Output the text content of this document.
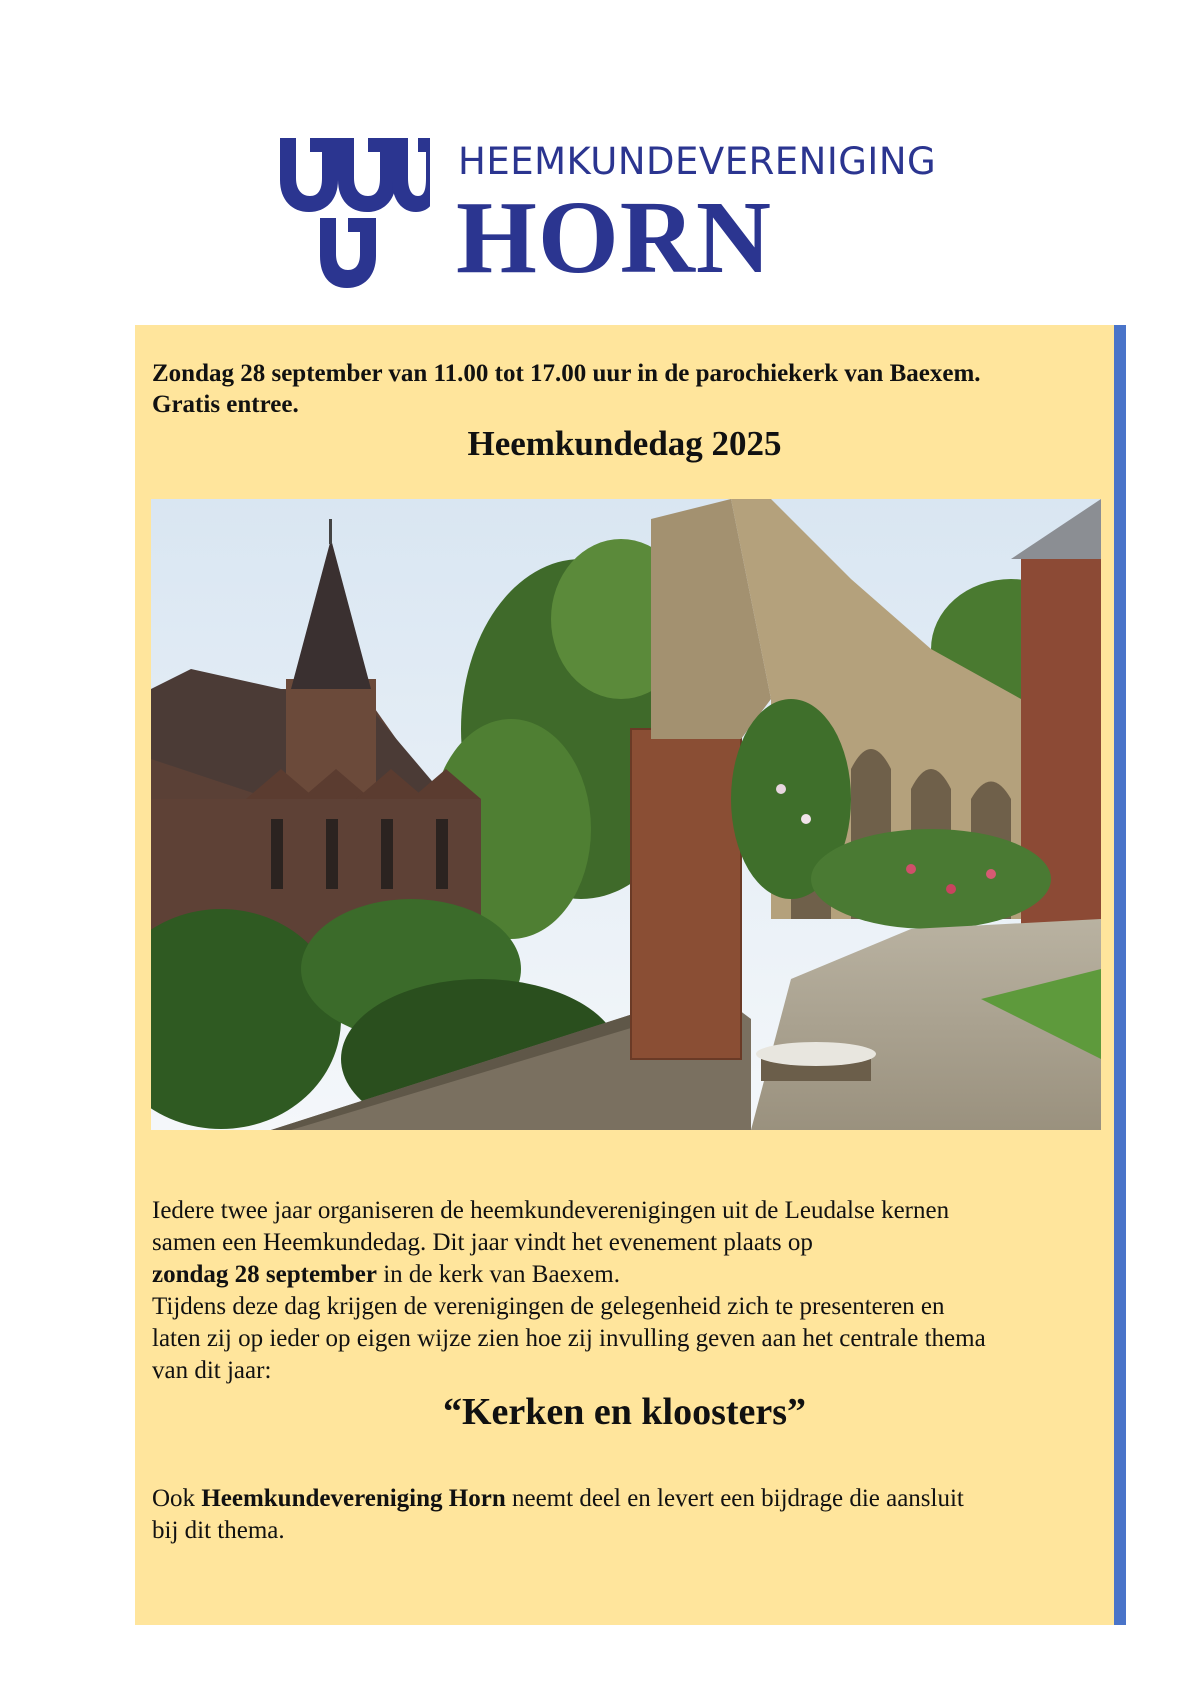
HEEMKUNDEVERENIGING
HORN
Zondag 28 september van 11.00 tot 17.00 uur in de parochiekerk van Baexem.
Gratis entree.
Heemkundedag 2025
Iedere twee jaar organiseren de heemkundeverenigingen uit de Leudalse kernen
samen een Heemkundedag. Dit jaar vindt het evenement plaats op
zondag 28 september in de kerk van Baexem.
Tijdens deze dag krijgen de verenigingen de gelegenheid zich te presenteren en
laten zij op ieder op eigen wijze zien hoe zij invulling geven aan het centrale thema
van dit jaar:
“Kerken en kloosters”
Ook Heemkundevereniging Horn neemt deel en levert een bijdrage die aansluit
bij dit thema.
